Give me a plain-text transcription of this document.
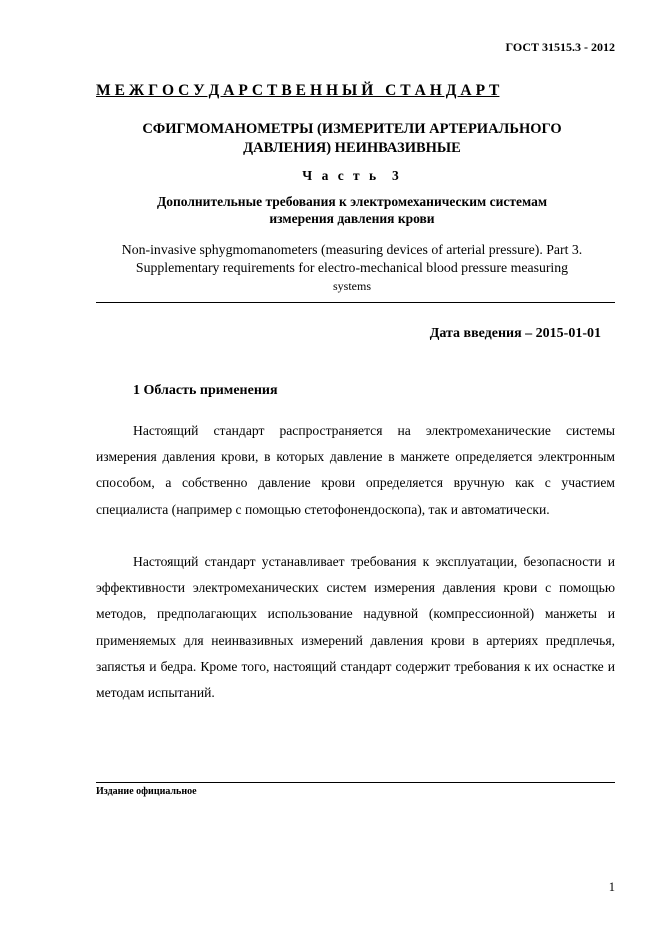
ГОСТ 31515.3 - 2012
М Е Ж Г О С У Д А Р С Т В Е Н Н Ы Й   С Т А Н Д А Р Т
СФИГМОМАНОМЕТРЫ (ИЗМЕРИТЕЛИ АРТЕРИАЛЬНОГО
ДАВЛЕНИЯ) НЕИНВАЗИВНЫЕ
Ч а с т ь  3
Дополнительные требования к электромеханическим системам
измерения давления крови
Non-invasive sphygmomanometers (measuring devices of arterial pressure). Part 3.
Supplementary requirements for electro-mechanical blood pressure measuring
systems
Дата введения – 2015-01-01
1 Область применения
Настоящий стандарт распространяется на электромеханические системы измерения давления крови, в которых давление в манжете определяется электронным способом, а собственно давление крови определяется вручную как с участием специалиста (например с помощью стетофонендоскопа), так и автоматически.
Настоящий стандарт устанавливает требования к эксплуатации, безопасности и эффективности электромеханических систем измерения давления крови с помощью методов, предполагающих использование надувной (компрессионной) манжеты и применяемых для неинвазивных измерений давления крови в артериях предплечья, запястья и бедра. Кроме того, настоящий стандарт содержит требования к их оснастке и методам испытаний.
Издание официальное
1
